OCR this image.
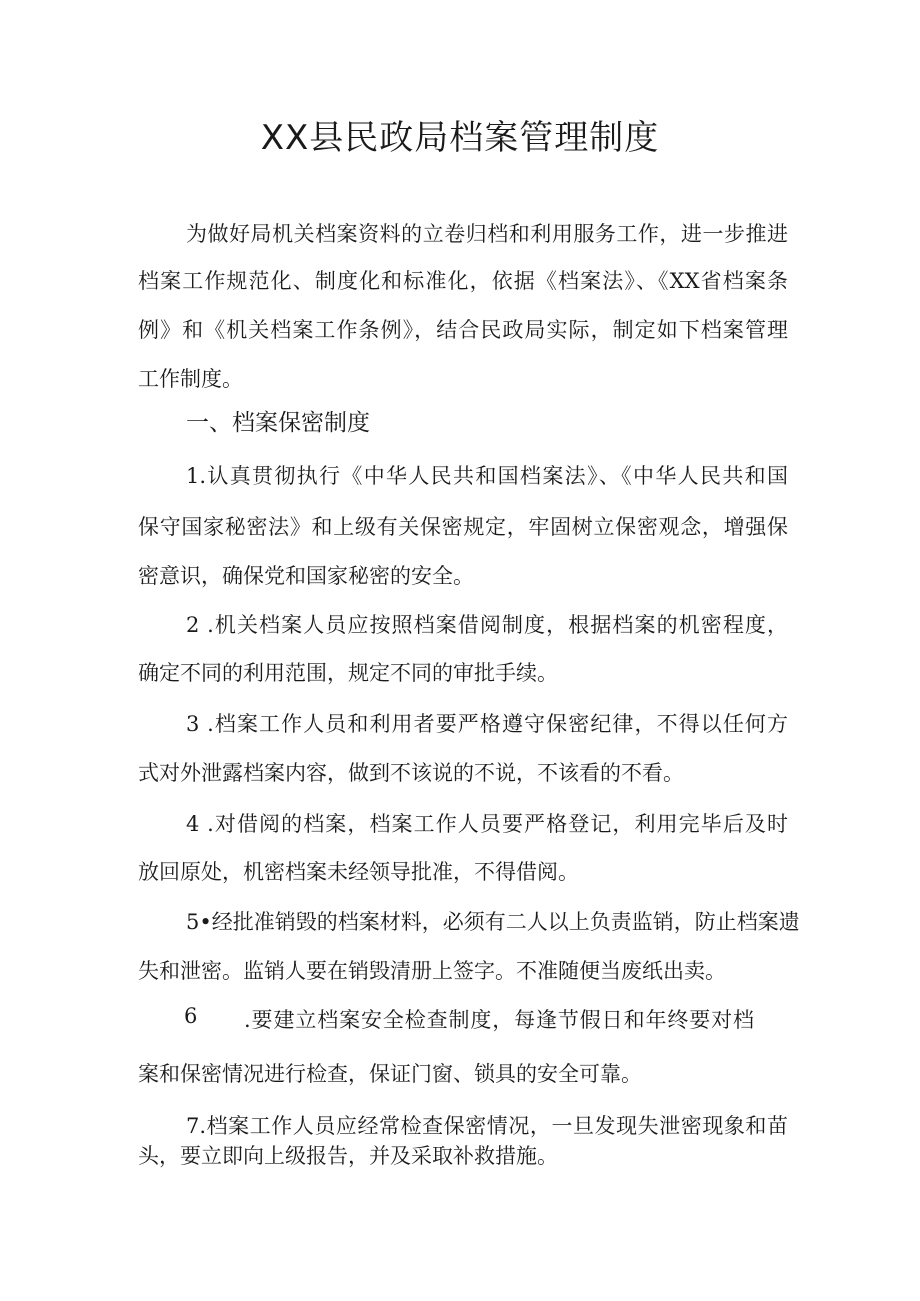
XX县民政局档案管理制度

为做好局机关档案资料的立卷归档和利用服务工作，进一步推进

档案工作规范化、制度化和标准化，依据《档案法》、《XX省档案条

例》和《机关档案工作条例》，结合民政局实际，制定如下档案管理

工作制度。

一、档案保密制度

1.认真贯彻执行《中华人民共和国档案法》、《中华人民共和国

保守国家秘密法》和上级有关保密规定，牢固树立保密观念，增强保

密意识，确保党和国家秘密的安全。

2 .机关档案人员应按照档案借阅制度，根据档案的机密程度，

确定不同的利用范围，规定不同的审批手续。

3 .档案工作人员和利用者要严格遵守保密纪律，不得以任何方

式对外泄露档案内容，做到不该说的不说，不该看的不看。

4 .对借阅的档案，档案工作人员要严格登记，利用完毕后及时

放回原处，机密档案未经领导批准，不得借阅。

5•经批准销毁的档案材料，必须有二人以上负责监销，防止档案遗

失和泄密。监销人要在销毁清册上签字。不准随便当废纸出卖。

6	.要建立档案安全检查制度，每逢节假日和年终要对档

案和保密情况进行检查，保证门窗、锁具的安全可靠。

7.档案工作人员应经常检查保密情况，一旦发现失泄密现象和苗

头，要立即向上级报告，并及采取补救措施。
